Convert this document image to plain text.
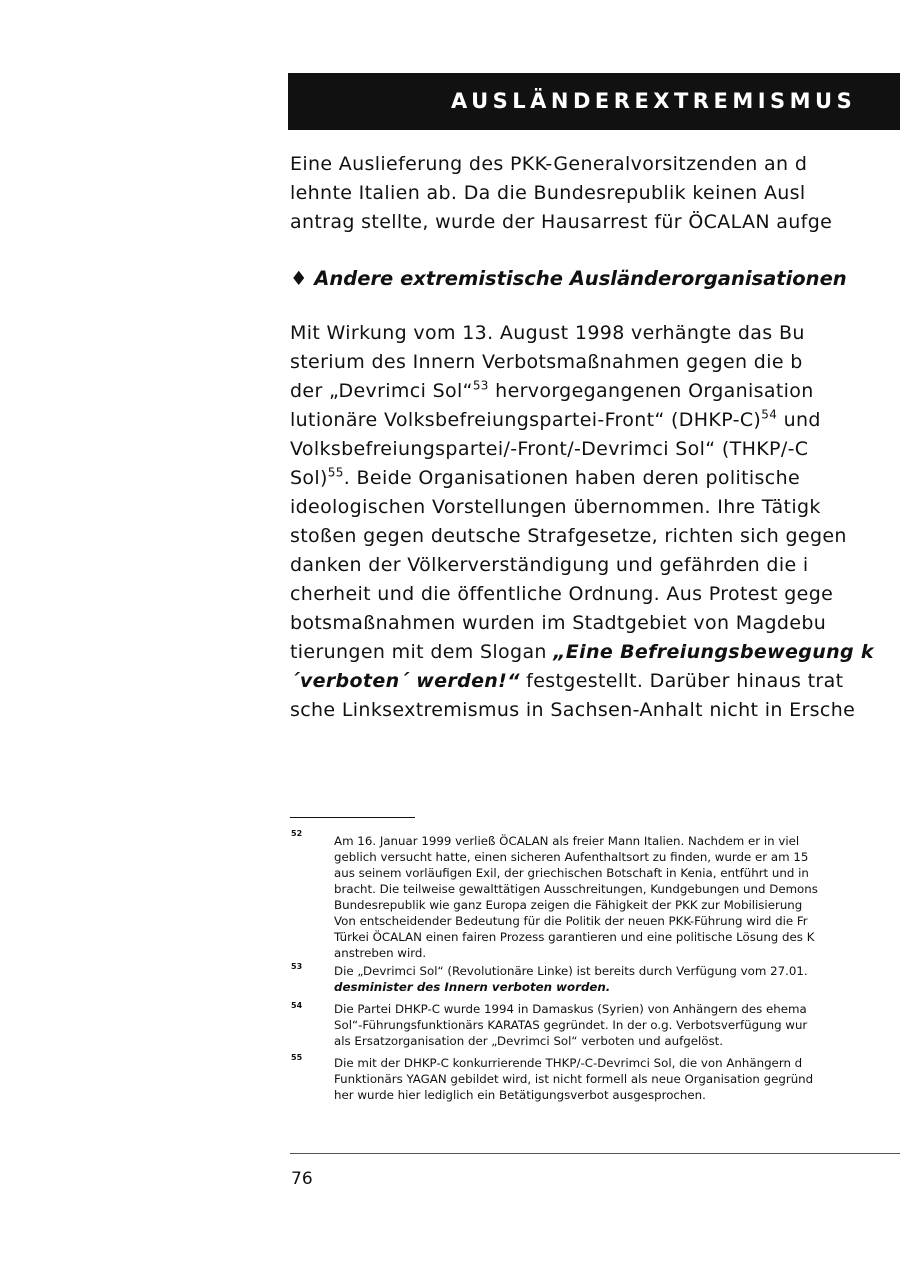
AUSLÄNDEREXTREMISMUS
Eine Auslieferung des PKK-Generalvorsitzenden an d
lehnte Italien ab. Da die Bundesrepublik keinen Ausl
antrag stellte, wurde der Hausarrest für ÖCALAN aufge
♦ Andere extremistische Ausländerorganisationen
Mit Wirkung vom 13. August 1998 verhängte das Bu
sterium des Innern Verbotsmaßnahmen gegen die b
der „Devrimci Sol“$^{53}$ hervorgegangenen Organisation
lutionäre Volksbefreiungspartei-Front“ (DHKP-C)$^{54}$ und
Volksbefreiungspartei/-Front/-Devrimci Sol“ (THKP/-C
Sol)$^{55}$. Beide Organisationen haben deren politische
ideologischen Vorstellungen übernommen. Ihre Tätigk
stoßen gegen deutsche Strafgesetze, richten sich gegen
danken der Völkerverständigung und gefährden die i
cherheit und die öffentliche Ordnung. Aus Protest gege
botsmaßnahmen wurden im Stadtgebiet von Magdebu
tierungen mit dem Slogan „Eine Befreiungsbewegung k
´verboten´ werden!“ festgestellt. Darüber hinaus trat
sche Linksextremismus in Sachsen-Anhalt nicht in Ersche
52
Am 16. Januar 1999 verließ ÖCALAN als freier Mann Italien. Nachdem er in viel
geblich versucht hatte, einen sicheren Aufenthaltsort zu finden, wurde er am 15
aus seinem vorläufigen Exil, der griechischen Botschaft in Kenia, entführt und in
bracht. Die teilweise gewalttätigen Ausschreitungen, Kundgebungen und Demons
Bundesrepublik wie ganz Europa zeigen die Fähigkeit der PKK zur Mobilisierung
Von entscheidender Bedeutung für die Politik der neuen PKK-Führung wird die Fr
Türkei ÖCALAN einen fairen Prozess garantieren und eine politische Lösung des K
anstreben wird.
53	Die „Devrimci Sol“ (Revolutionäre Linke) ist bereits durch Verfügung vom 27.01.
desminister des Innern verboten worden.
54	Die Partei DHKP-C wurde 1994 in Damaskus (Syrien) von Anhängern des ehema
Sol“-Führungsfunktionärs KARATAS gegründet. In der o.g. Verbotsverfügung wur
als Ersatzorganisation der „Devrimci Sol“ verboten und aufgelöst.
55	Die mit der DHKP-C konkurrierende THKP/-C-Devrimci Sol, die von Anhängern d
Funktionärs YAGAN gebildet wird, ist nicht formell als neue Organisation gegründ
her wurde hier lediglich ein Betätigungsverbot ausgesprochen.
76
